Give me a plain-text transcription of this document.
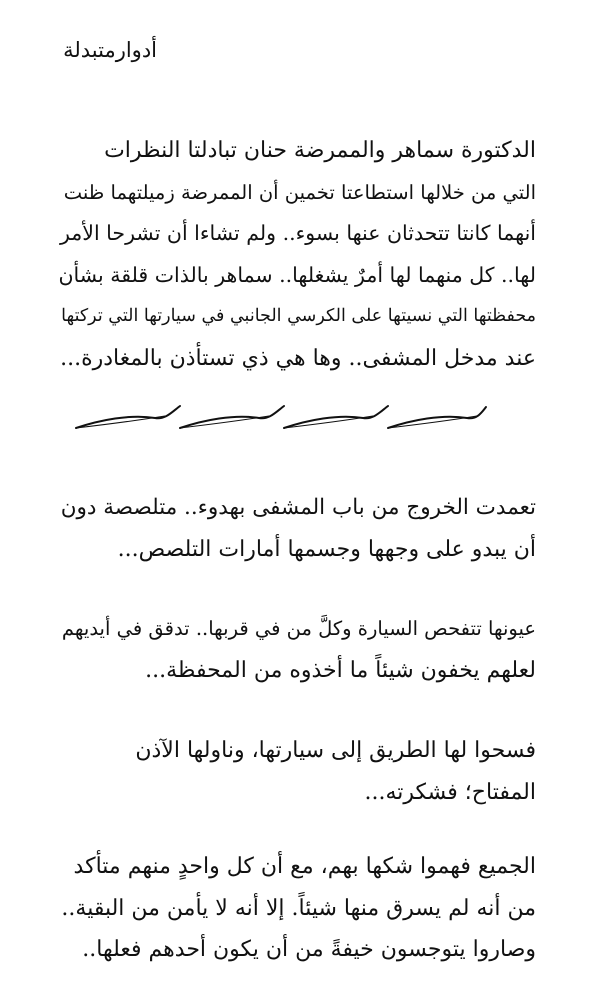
أدوارمتبدلة
الدكتورة سماهر والممرضة حنان تبادلتا النظرات
التي من خلالها استطاعتا تخمين أن الممرضة زميلتهما ظنت
أنهما كانتا تتحدثان عنها بسوء.. ولم تشاءا أن تشرحا الأمر
لها.. كل منهما لها أمرٌ يشغلها.. سماهر بالذات قلقة بشأن
محفظتها التي نسيتها على الكرسي الجانبي في سيارتها التي تركتها
عند مدخل المشفى.. وها هي ذي تستأذن بالمغادرة...
تعمدت الخروج من باب المشفى بهدوء.. متلصصة دون
أن يبدو على وجهها وجسمها أمارات التلصص...
عيونها تتفحص السيارة وكلَّ من في قربها.. تدقق في أيديهم
لعلهم يخفون شيئاً ما أخذوه من المحفظة...
فسحوا لها الطريق إلى سيارتها، وناولها الآذن
المفتاح؛ فشكرته...
الجميع فهموا شكها بهم، مع أن كل واحدٍ منهم متأكد
من أنه لم يسرق منها شيئاً. إلا أنه لا يأمن من البقية..
وصاروا يتوجسون خيفةً من أن يكون أحدهم فعلها..
